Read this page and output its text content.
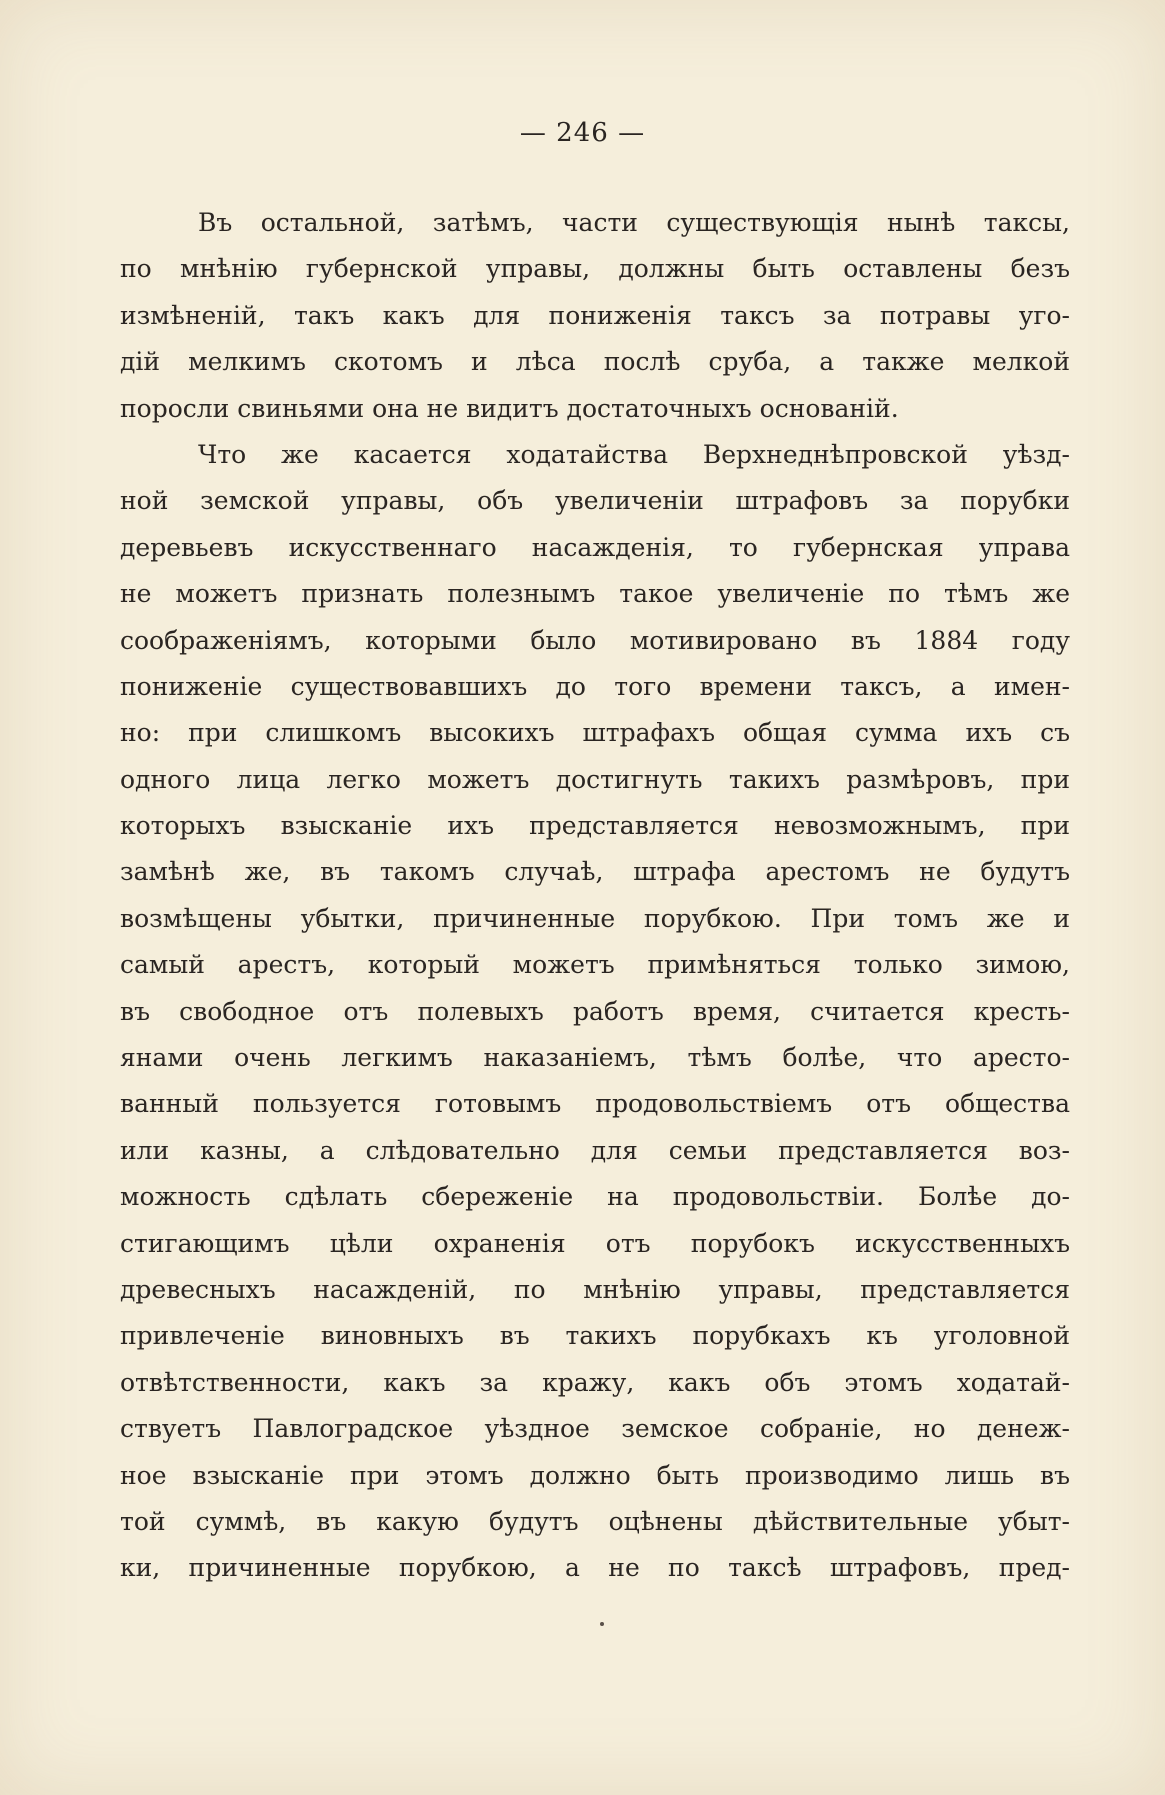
— 246 —
Въ остальной, затѣмъ, части существующія нынѣ таксы,
по мнѣнію губернской управы, должны быть оставлены безъ
измѣненій, такъ какъ для пониженія таксъ за потравы уго-
дій мелкимъ скотомъ и лѣса послѣ сруба, а также мелкой
поросли свиньями она не видитъ достаточныхъ основаній.
Что же касается ходатайства Верхнеднѣпровской уѣзд-
ной земской управы, объ увеличеніи штрафовъ за порубки
деревьевъ искусственнаго насажденія, то губернская управа
не можетъ признать полезнымъ такое увеличеніе по тѣмъ же
соображеніямъ, которыми было мотивировано въ 1884 году
пониженіе существовавшихъ до того времени таксъ, а имен-
но: при слишкомъ высокихъ штрафахъ общая сумма ихъ съ
одного лица легко можетъ достигнуть такихъ размѣровъ, при
которыхъ взысканіе ихъ представляется невозможнымъ, при
замѣнѣ же, въ такомъ случаѣ, штрафа арестомъ не будутъ
возмѣщены убытки, причиненные порубкою. При томъ же и
самый арестъ, который можетъ примѣняться только зимою,
въ свободное отъ полевыхъ работъ время, считается кресть-
янами очень легкимъ наказаніемъ, тѣмъ болѣе, что аресто-
ванный пользуется готовымъ продовольствіемъ отъ общества
или казны, а слѣдовательно для семьи представляется воз-
можность сдѣлать сбереженіе на продовольствіи. Болѣе до-
стигающимъ цѣли охраненія отъ порубокъ искусственныхъ
древесныхъ насажденій, по мнѣнію управы, представляется
привлеченіе виновныхъ въ такихъ порубкахъ къ уголовной
отвѣтственности, какъ за кражу, какъ объ этомъ ходатай-
ствуетъ Павлоградское уѣздное земское собраніе, но денеж-
ное взысканіе при этомъ должно быть производимо лишь въ
той суммѣ, въ какую будутъ оцѣнены дѣйствительные убыт-
ки, причиненные порубкою, а не по таксѣ штрафовъ, пред-
